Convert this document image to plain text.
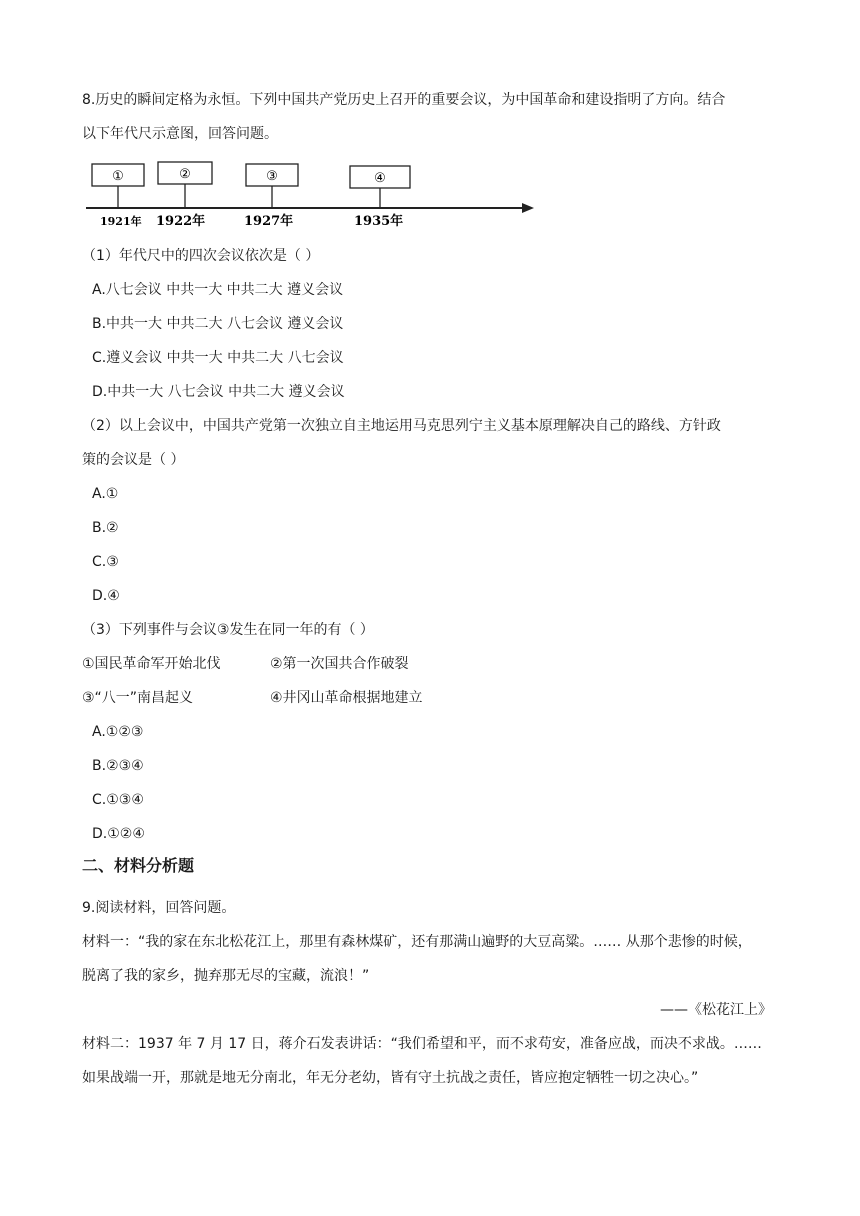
8.历史的瞬间定格为永恒。下列中国共产党历史上召开的重要会议，为中国革命和建设指明了方向。结合
以下年代尺示意图，回答问题。
①	②	③	④
1921年 1922年	1927年	1935年
（1）年代尺中的四次会议依次是（ ）
A.八七会议 中共一大 中共二大 遵义会议
B.中共一大 中共二大 八七会议 遵义会议
C.遵义会议 中共一大 中共二大 八七会议
D.中共一大 八七会议 中共二大 遵义会议
（2）以上会议中，中国共产党第一次独立自主地运用马克思列宁主义基本原理解决自己的路线、方针政
策的会议是（ ）
A.①
B.②
C.③
D.④
（3）下列事件与会议③发生在同一年的有（ ）
①国民革命军开始北伐	②第一次国共合作破裂
③“八一”南昌起义	④井冈山革命根据地建立
A.①②③
B.②③④
C.①③④
D.①②④
二、材料分析题
9.阅读材料，回答问题。
材料一：“我的家在东北松花江上，那里有森林煤矿，还有那满山遍野的大豆高粱。…… 从那个悲惨的时候，
脱离了我的家乡，抛弃那无尽的宝藏，流浪！”
——《松花江上》
材料二：1937 年 7 月 17 日，蒋介石发表讲话：“我们希望和平，而不求苟安，准备应战，而决不求战。……
如果战端一开，那就是地无分南北，年无分老幼，皆有守土抗战之责任，皆应抱定牺牲一切之决心。”
